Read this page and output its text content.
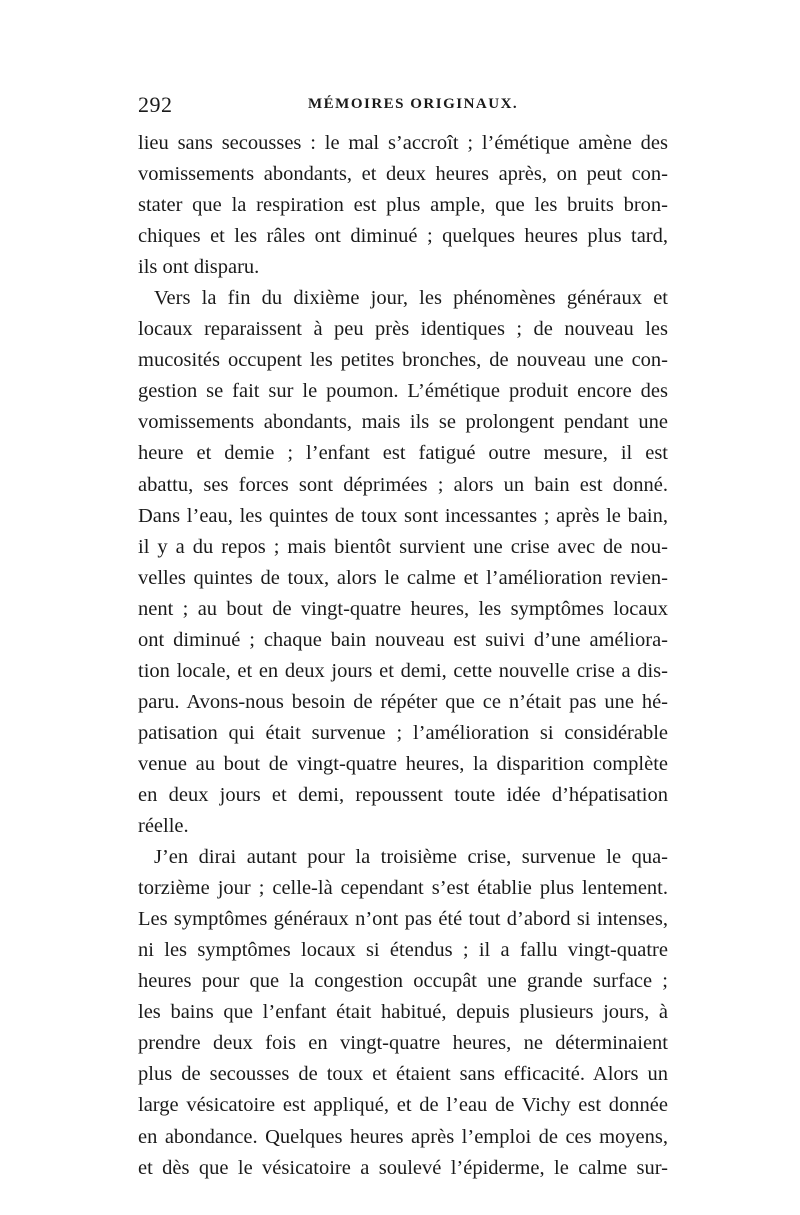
292	MÉMOIRES ORIGINAUX.
lieu sans secousses : le mal s’accroît ; l’émétique amène des
vomissements abondants, et deux heures après, on peut con-
stater que la respiration est plus ample, que les bruits bron-
chiques et les râles ont diminué ; quelques heures plus tard,
ils ont disparu.
Vers la fin du dixième jour, les phénomènes généraux et
locaux reparaissent à peu près identiques ; de nouveau les
mucosités occupent les petites bronches, de nouveau une con-
gestion se fait sur le poumon. L’émétique produit encore des
vomissements abondants, mais ils se prolongent pendant une
heure et demie ; l’enfant est fatigué outre mesure, il est
abattu, ses forces sont déprimées ; alors un bain est donné.
Dans l’eau, les quintes de toux sont incessantes ; après le bain,
il y a du repos ; mais bientôt survient une crise avec de nou-
velles quintes de toux, alors le calme et l’amélioration revien-
nent ; au bout de vingt-quatre heures, les symptômes locaux
ont diminué ; chaque bain nouveau est suivi d’une améliora-
tion locale, et en deux jours et demi, cette nouvelle crise a dis-
paru. Avons-nous besoin de répéter que ce n’était pas une hé-
patisation qui était survenue ; l’amélioration si considérable
venue au bout de vingt-quatre heures, la disparition complète
en deux jours et demi, repoussent toute idée d’hépatisation
réelle.
J’en dirai autant pour la troisième crise, survenue le qua-
torzième jour ; celle-là cependant s’est établie plus lentement.
Les symptômes généraux n’ont pas été tout d’abord si intenses,
ni les symptômes locaux si étendus ; il a fallu vingt-quatre
heures pour que la congestion occupât une grande surface ;
les bains que l’enfant était habitué, depuis plusieurs jours, à
prendre deux fois en vingt-quatre heures, ne déterminaient
plus de secousses de toux et étaient sans efficacité. Alors un
large vésicatoire est appliqué, et de l’eau de Vichy est donnée
en abondance. Quelques heures après l’emploi de ces moyens,
et dès que le vésicatoire a soulevé l’épiderme, le calme sur-
